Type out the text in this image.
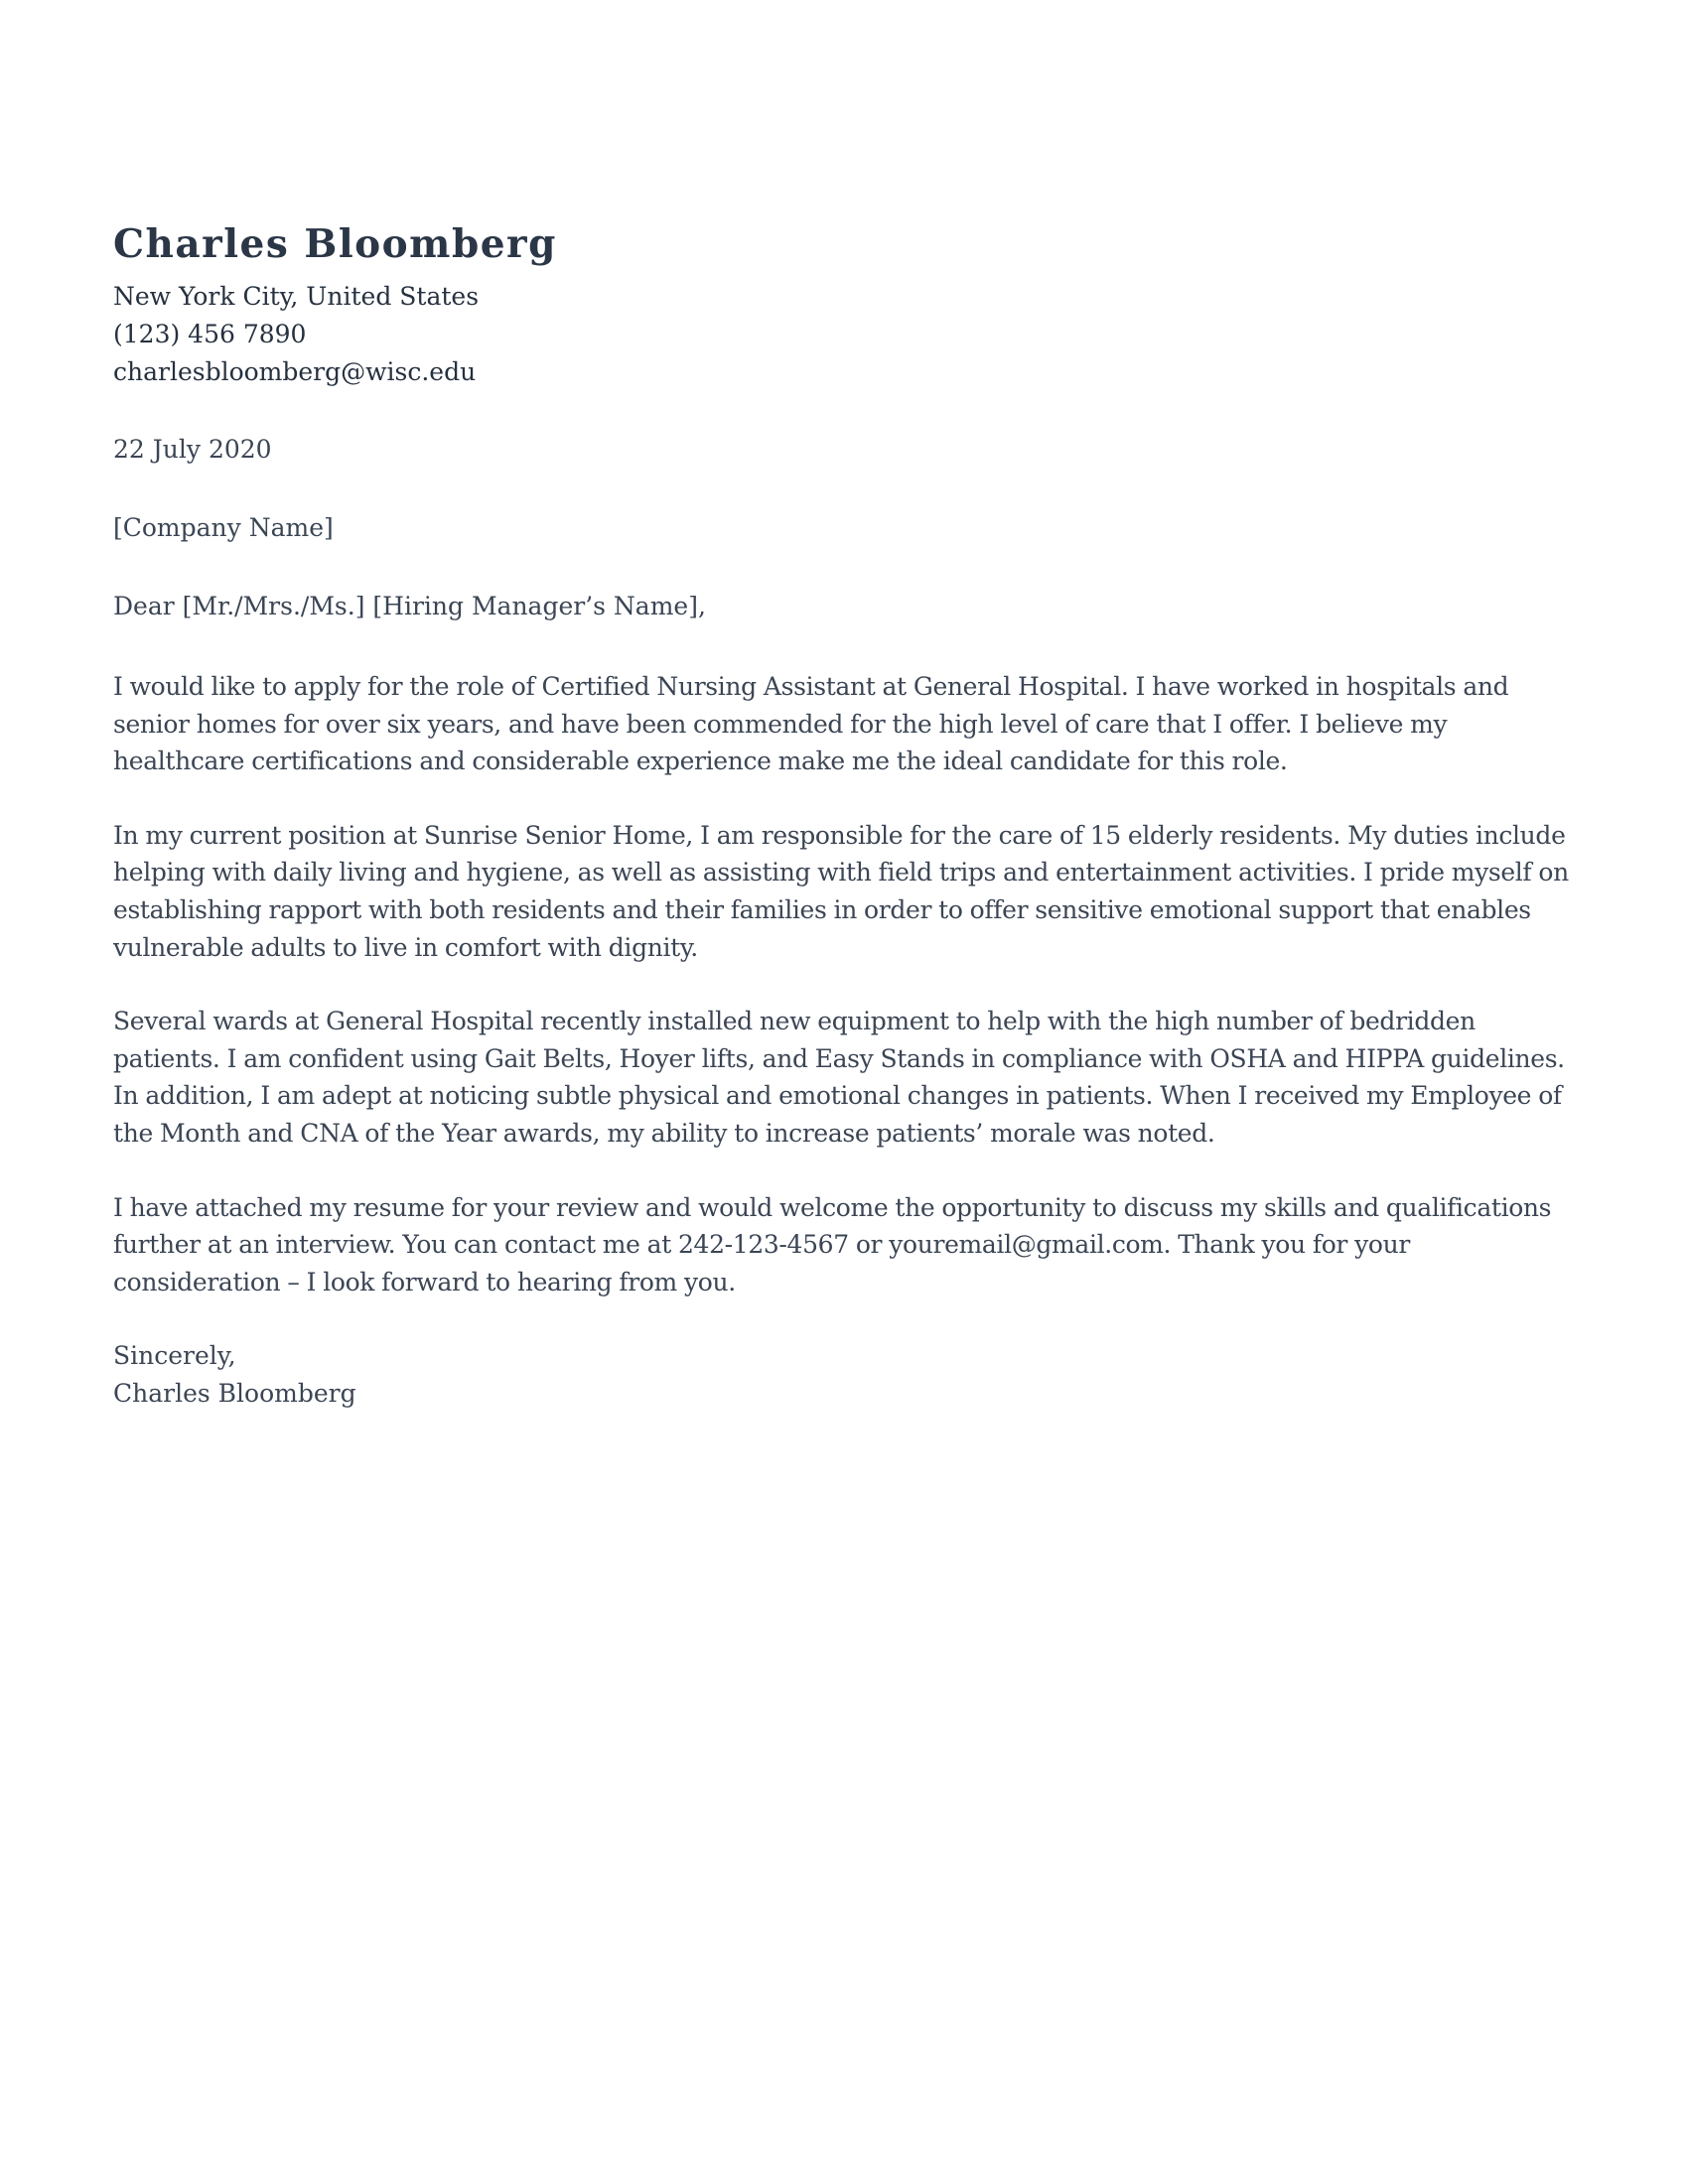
Charles Bloomberg
New York City, United States
(123) 456 7890
charlesbloomberg@wisc.edu
22 July 2020
[Company Name]
Dear [Mr./Mrs./Ms.] [Hiring Manager’s Name],
I would like to apply for the role of Certified Nursing Assistant at General Hospital. I have worked in hospitals and senior homes for over six years, and have been commended for the high level of care that I offer. I believe my healthcare certifications and considerable experience make me the ideal candidate for this role.
In my current position at Sunrise Senior Home, I am responsible for the care of 15 elderly residents. My duties include helping with daily living and hygiene, as well as assisting with field trips and entertainment activities. I pride myself on establishing rapport with both residents and their families in order to offer sensitive emotional support that enables vulnerable adults to live in comfort with dignity.
Several wards at General Hospital recently installed new equipment to help with the high number of bedridden patients. I am confident using Gait Belts, Hoyer lifts, and Easy Stands in compliance with OSHA and HIPPA guidelines. In addition, I am adept at noticing subtle physical and emotional changes in patients. When I received my Employee of the Month and CNA of the Year awards, my ability to increase patients’ morale was noted.
I have attached my resume for your review and would welcome the opportunity to discuss my skills and qualifications further at an interview. You can contact me at 242-123-4567 or youremail@gmail.com. Thank you for your consideration – I look forward to hearing from you.
Sincerely,
Charles Bloomberg
